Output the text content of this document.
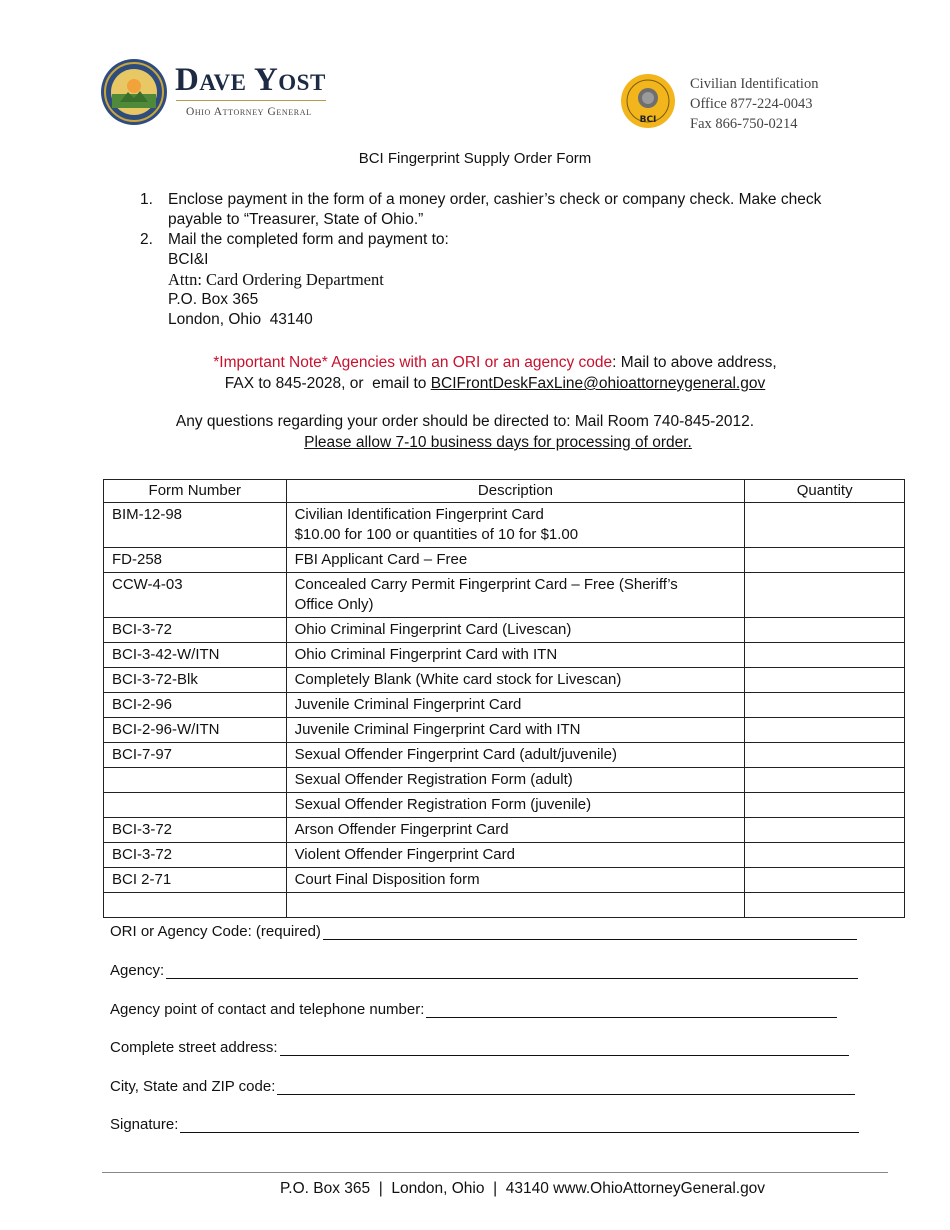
Dave Yost
Ohio Attorney General
BCI
Civilian Identification
Office 877-224-0043
Fax 866-750-0214
BCI Fingerprint Supply Order Form
1. Enclose payment in the form of a money order, cashier’s check or company check. Make check payable to “Treasurer, State of Ohio.”
2. Mail the completed form and payment to:
BCI&I
Attn: Card Ordering Department
P.O. Box 365
London, Ohio  43140
*Important Note* Agencies with an ORI or an agency code: Mail to above address,
FAX to 845-2028, or  email to BCIFrontDeskFaxLine@ohioattorneygeneral.gov
Any questions regarding your order should be directed to: Mail Room 740-845-2012.
Please allow 7-10 business days for processing of order.
Form Number	Description	Quantity
BIM-12-98	Civilian Identification Fingerprint Card
$10.00 for 100 or quantities of 10 for $1.00	

FD-258	FBI Applicant Card – Free	

CCW-4-03	Concealed Carry Permit Fingerprint Card – Free (Sheriff’s
Office Only)	

BCI-3-72	Ohio Criminal Fingerprint Card (Livescan)	

BCI-3-42-W/ITN	Ohio Criminal Fingerprint Card with ITN	

BCI-3-72-Blk	Completely Blank (White card stock for Livescan)	

BCI-2-96	Juvenile Criminal Fingerprint Card	

BCI-2-96-W/ITN	Juvenile Criminal Fingerprint Card with ITN	

BCI-7-97	Sexual Offender Fingerprint Card (adult/juvenile)	

	Sexual Offender Registration Form (adult)	

	Sexual Offender Registration Form (juvenile)	

BCI-3-72	Arson Offender Fingerprint Card	

BCI-3-72	Violent Offender Fingerprint Card	

BCI 2-71	Court Final Disposition form	

ORI or Agency Code: (required)
Agency:
Agency point of contact and telephone number:
Complete street address:
City, State and ZIP code:
Signature:
P.O. Box 365  |  London, Ohio  |  43140 www.OhioAttorneyGeneral.gov
